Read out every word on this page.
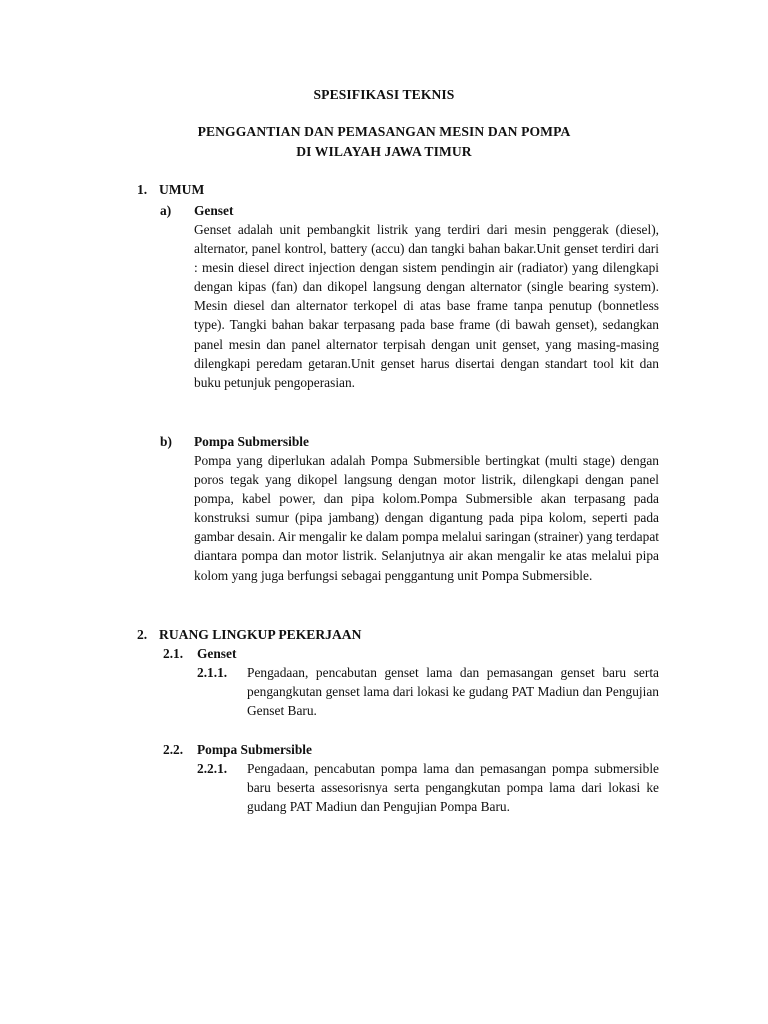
SPESIFIKASI TEKNIS
PENGGANTIAN DAN PEMASANGAN MESIN DAN POMPA
DI WILAYAH JAWA TIMUR
1. UMUM
a) Genset
Genset adalah unit pembangkit listrik yang terdiri dari mesin penggerak (diesel), alternator, panel kontrol, battery (accu) dan tangki bahan bakar.Unit genset terdiri dari : mesin diesel direct injection dengan sistem pendingin air (radiator) yang dilengkapi dengan kipas (fan) dan dikopel langsung dengan alternator (single bearing system). Mesin diesel dan alternator terkopel di atas base frame tanpa penutup (bonnetless type). Tangki bahan bakar terpasang pada base frame (di bawah genset), sedangkan panel mesin dan panel alternator terpisah dengan unit genset, yang masing-masing dilengkapi peredam getaran.Unit genset harus disertai dengan standart tool kit dan buku petunjuk pengoperasian.
b) Pompa Submersible
Pompa yang diperlukan adalah Pompa Submersible bertingkat (multi stage) dengan poros tegak yang dikopel langsung dengan motor listrik, dilengkapi dengan panel pompa, kabel power, dan pipa kolom.Pompa Submersible akan terpasang pada konstruksi sumur (pipa jambang) dengan digantung pada pipa kolom, seperti pada gambar desain. Air mengalir ke dalam pompa melalui saringan (strainer) yang terdapat diantara pompa dan motor listrik. Selanjutnya air akan mengalir ke atas melalui pipa kolom yang juga berfungsi sebagai penggantung unit Pompa Submersible.
2. RUANG LINGKUP PEKERJAAN
2.1. Genset
2.1.1. Pengadaan, pencabutan genset lama dan pemasangan genset baru serta pengangkutan genset lama dari lokasi ke gudang PAT Madiun dan Pengujian Genset Baru.
2.2. Pompa Submersible
2.2.1. Pengadaan, pencabutan pompa lama dan pemasangan pompa submersible baru beserta assesorisnya serta pengangkutan pompa lama dari lokasi ke gudang PAT Madiun dan Pengujian Pompa Baru.
